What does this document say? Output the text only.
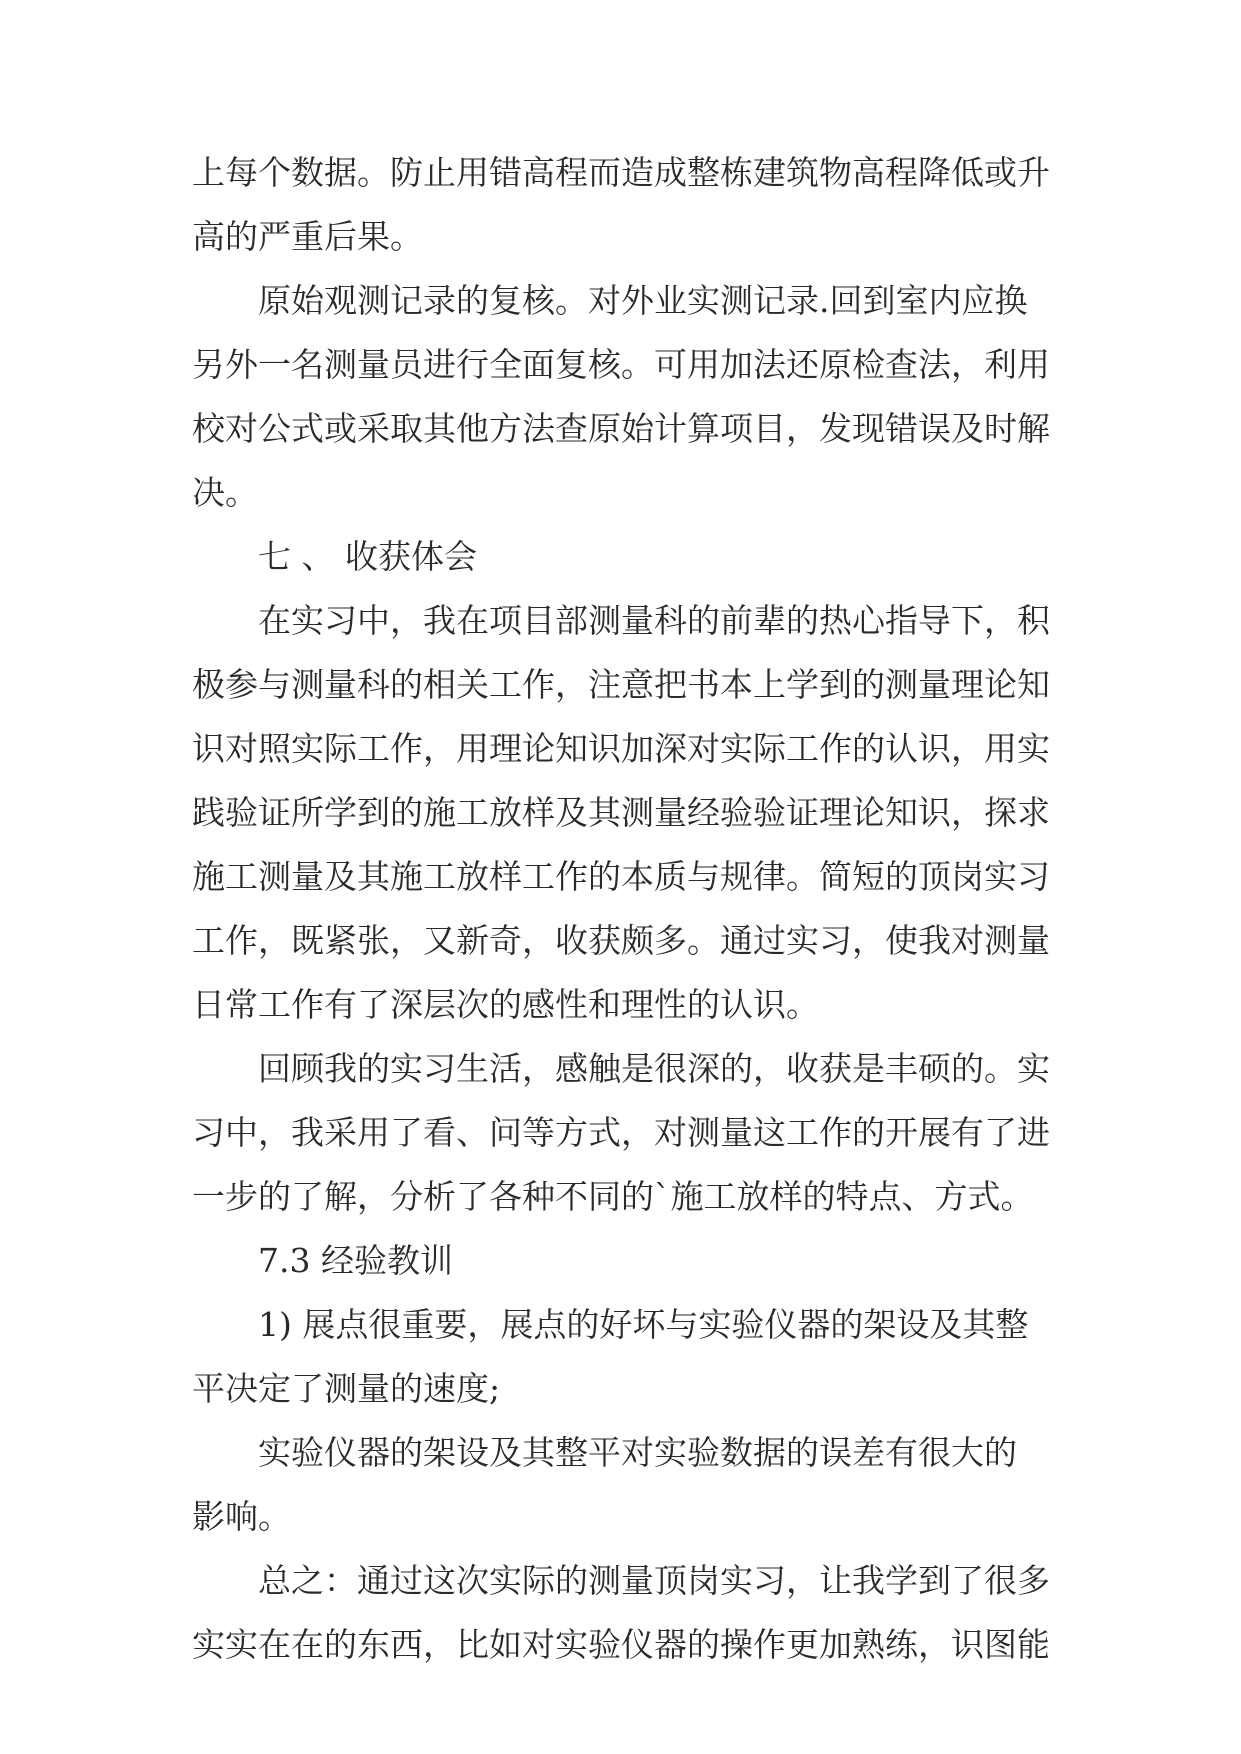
上每个数据。防止用错高程而造成整栋建筑物高程降低或升
高的严重后果。
原始观测记录的复核。对外业实测记录.回到室内应换
另外一名测量员进行全面复核。可用加法还原检查法，利用
校对公式或采取其他方法查原始计算项目，发现错误及时解
决。
七 、 收获体会
在实习中，我在项目部测量科的前辈的热心指导下，积
极参与测量科的相关工作，注意把书本上学到的测量理论知
识对照实际工作，用理论知识加深对实际工作的认识，用实
践验证所学到的施工放样及其测量经验验证理论知识，探求
施工测量及其施工放样工作的本质与规律。简短的顶岗实习
工作，既紧张，又新奇，收获颇多。通过实习，使我对测量
日常工作有了深层次的感性和理性的认识。
回顾我的实习生活，感触是很深的，收获是丰硕的。实
习中，我采用了看、问等方式，对测量这工作的开展有了进
一步的了解，分析了各种不同的`施工放样的特点、方式。
7.3 经验教训
1) 展点很重要，展点的好坏与实验仪器的架设及其整
平决定了测量的速度;
实验仪器的架设及其整平对实验数据的误差有很大的
影响。
总之：通过这次实际的测量顶岗实习，让我学到了很多
实实在在的东西，比如对实验仪器的操作更加熟练，识图能
